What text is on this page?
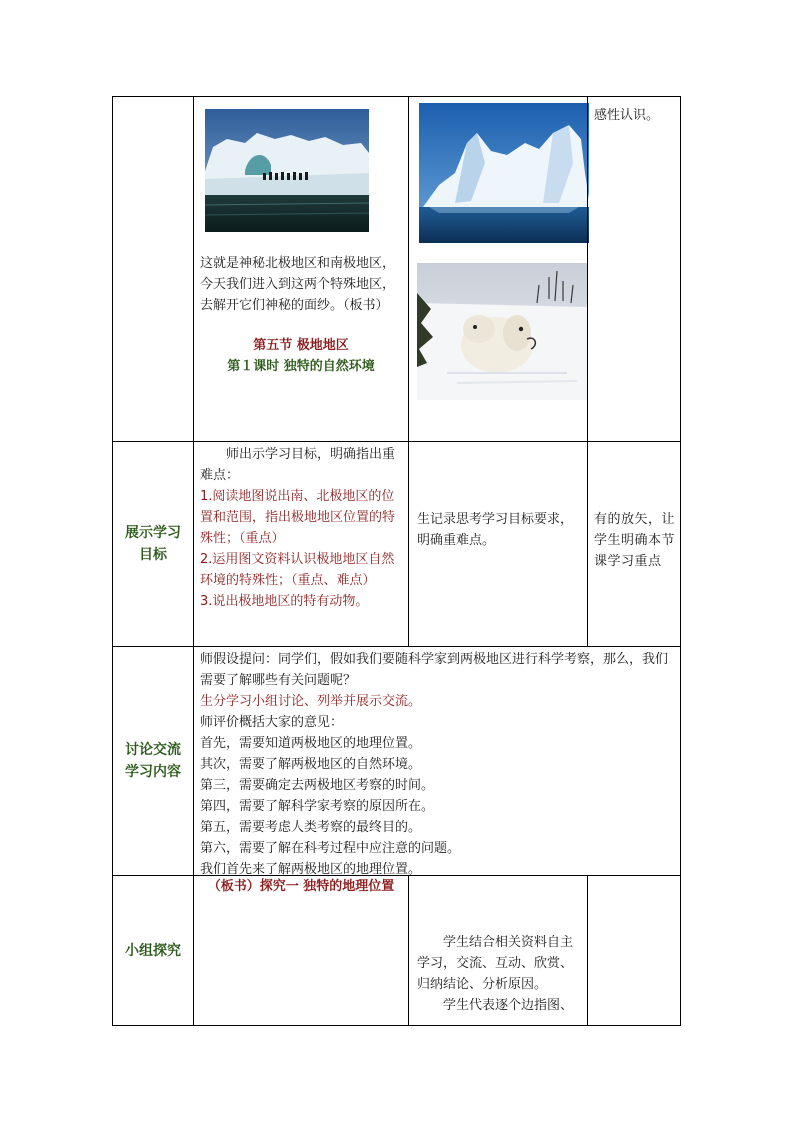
这就是神秘北极地区和南极地区，今天我们进入到这两个特殊地区，去解开它们神秘的面纱。（板书）
第五节 极地地区
第１课时 独特的自然环境
感性认识。
展示学习目标
师出示学习目标，明确指出重难点：
1.阅读地图说出南、北极地区的位置和范围，指出极地地区位置的特殊性；（重点）
2.运用图文资料认识极地地区自然环境的特殊性；（重点、难点）
3.说出极地地区的特有动物。
生记录思考学习目标要求，明确重难点。
有的放矢，让学生明确本节课学习重点
讨论交流学习内容
师假设提问：同学们，假如我们要随科学家到两极地区进行科学考察，那么，我们需要了解哪些有关问题呢？
生分学习小组讨论、列举并展示交流。
师评价概括大家的意见：
首先，需要知道两极地区的地理位置。
其次，需要了解两极地区的自然环境。
第三，需要确定去两极地区考察的时间。
第四，需要了解科学家考察的原因所在。
第五，需要考虑人类考察的最终目的。
第六，需要了解在科考过程中应注意的问题。
我们首先来了解两极地区的地理位置。
小组探究
（板书）探究一 独特的地理位置
学生结合相关资料自主学习，交流、互动、欣赏、归纳结论、分析原因。
学生代表逐个边指图、
